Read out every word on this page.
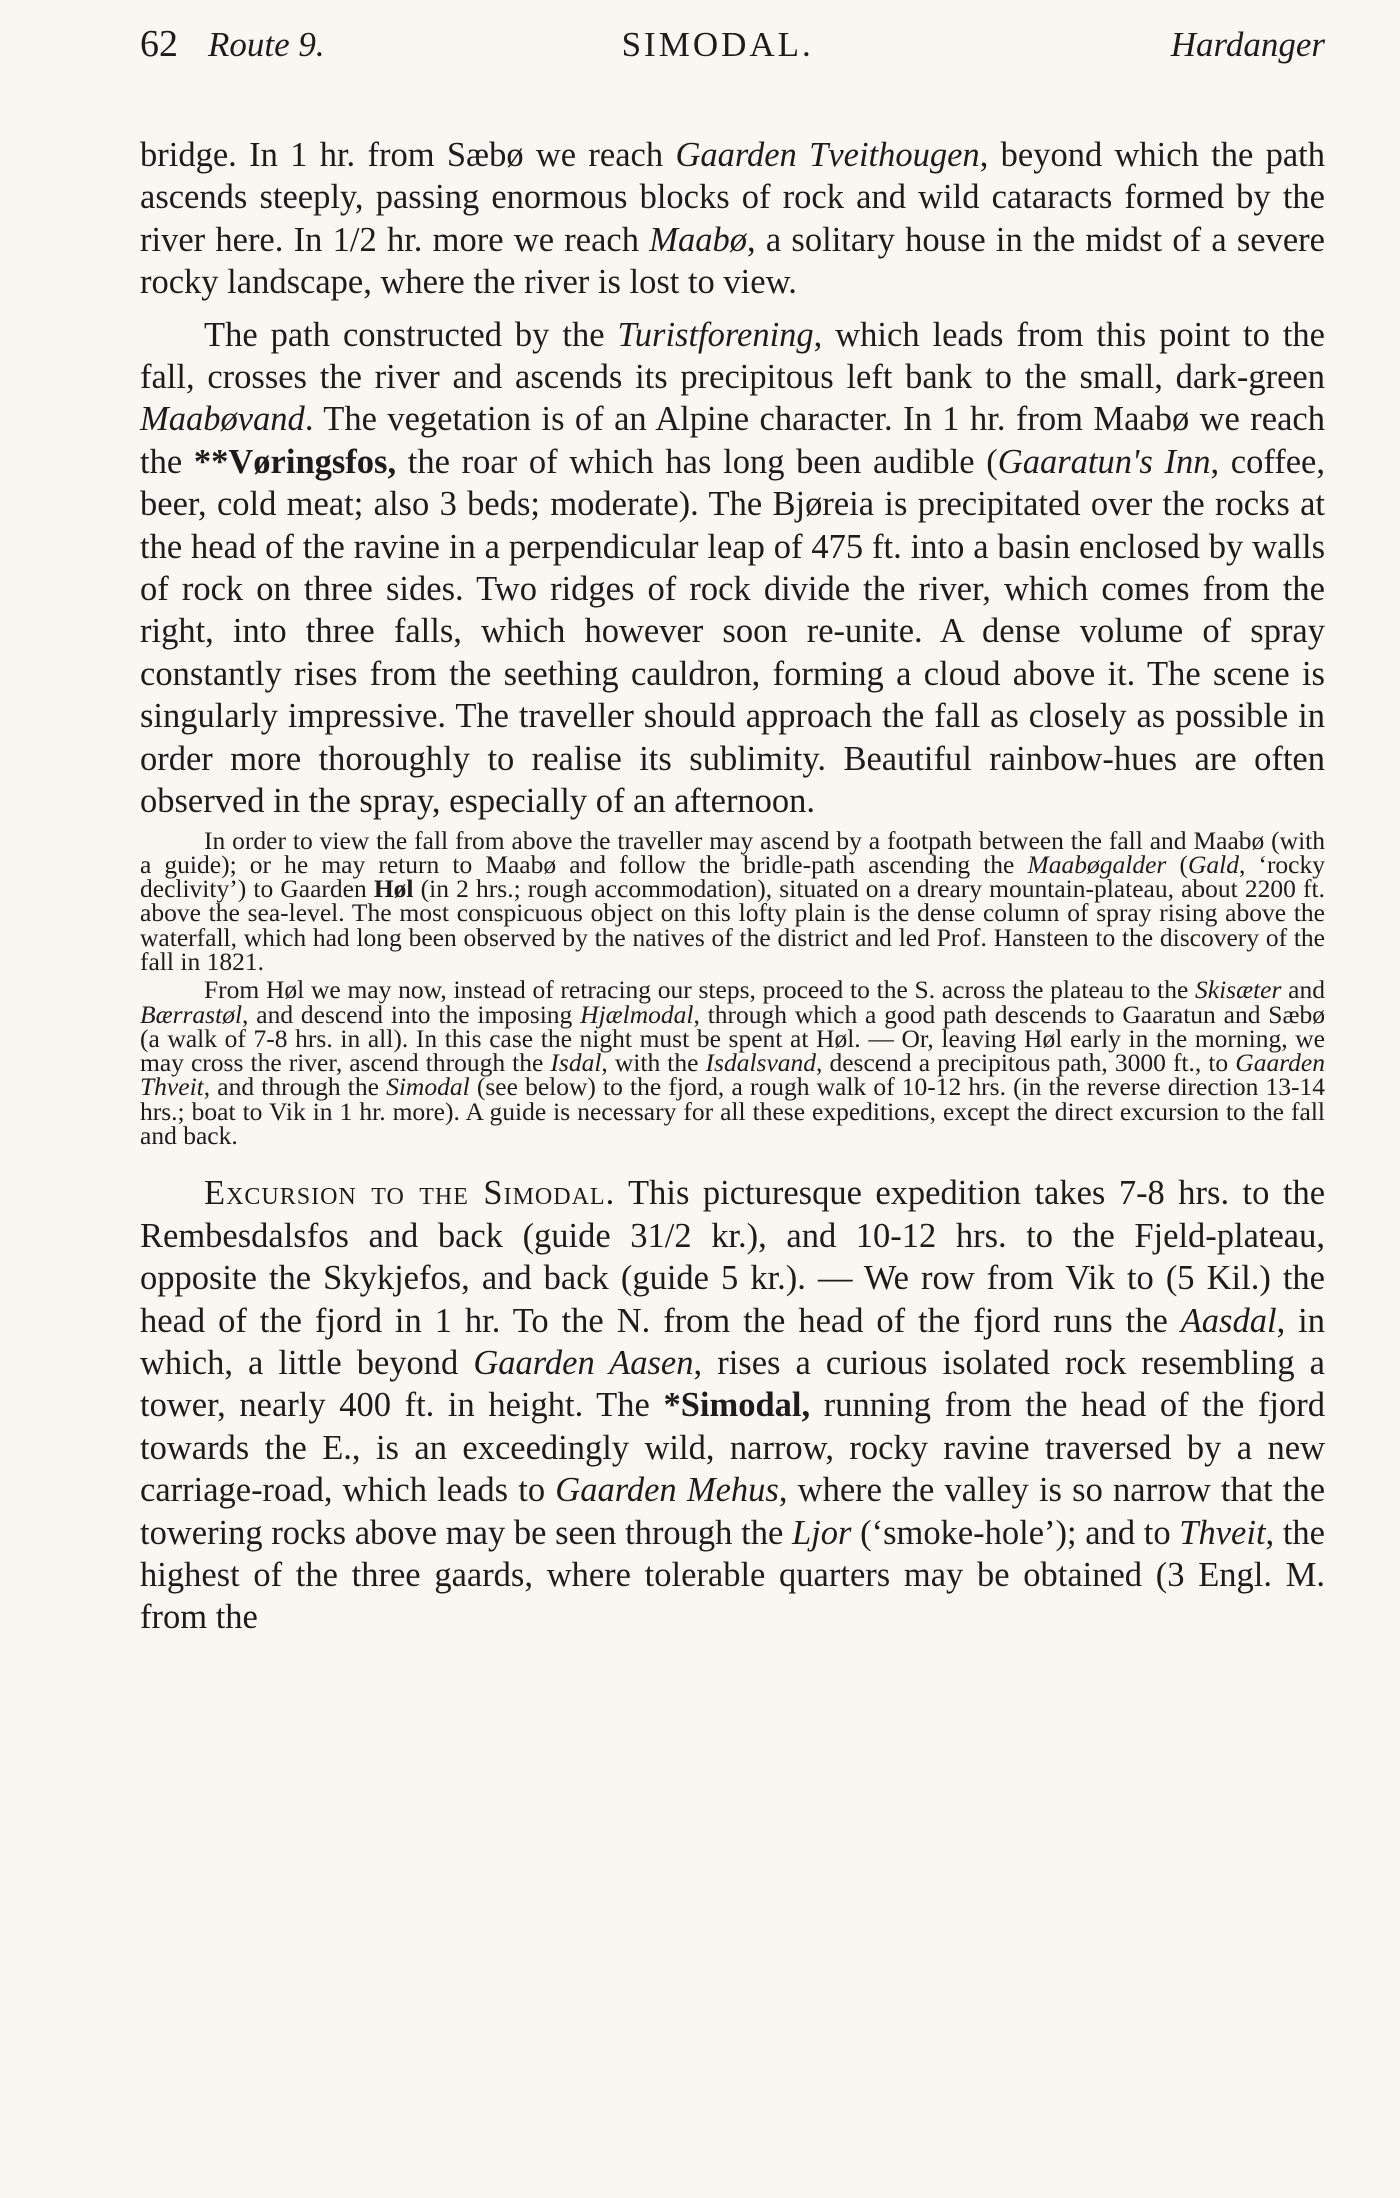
62 Route 9.	SIMODAL.	Hardanger

bridge. In 1 hr. from Sæbø we reach Gaarden Tveithougen, beyond which the path ascends steeply, passing enormous blocks of rock and wild cataracts formed by the river here. In 1/2 hr. more we reach Maabø, a solitary house in the midst of a severe rocky landscape, where the river is lost to view.

The path constructed by the Turistforening, which leads from this point to the fall, crosses the river and ascends its precipitous left bank to the small, dark-green Maabøvand. The vegetation is of an Alpine character. In 1 hr. from Maabø we reach the **Vøringsfos, the roar of which has long been audible (Gaaratun's Inn, coffee, beer, cold meat; also 3 beds; moderate). The Bjøreia is precipitated over the rocks at the head of the ravine in a perpendicular leap of 475 ft. into a basin enclosed by walls of rock on three sides. Two ridges of rock divide the river, which comes from the right, into three falls, which however soon re-unite. A dense volume of spray constantly rises from the seething cauldron, forming a cloud above it. The scene is singularly impressive. The traveller should approach the fall as closely as possible in order more thoroughly to realise its sublimity. Beautiful rainbow-hues are often observed in the spray, especially of an afternoon.

In order to view the fall from above the traveller may ascend by a footpath between the fall and Maabø (with a guide); or he may return to Maabø and follow the bridle-path ascending the Maabøgalder (Gald, ‘rocky declivity’) to Gaarden Høl (in 2 hrs.; rough accommodation), situated on a dreary mountain-plateau, about 2200 ft. above the sea-level. The most conspicuous object on this lofty plain is the dense column of spray rising above the waterfall, which had long been observed by the natives of the district and led Prof. Hansteen to the discovery of the fall in 1821.

From Høl we may now, instead of retracing our steps, proceed to the S. across the plateau to the Skisæter and Bærrastøl, and descend into the imposing Hjælmodal, through which a good path descends to Gaaratun and Sæbø (a walk of 7-8 hrs. in all). In this case the night must be spent at Høl. — Or, leaving Høl early in the morning, we may cross the river, ascend through the Isdal, with the Isdalsvand, descend a precipitous path, 3000 ft., to Gaarden Thveit, and through the Simodal (see below) to the fjord, a rough walk of 10-12 hrs. (in the reverse direction 13-14 hrs.; boat to Vik in 1 hr. more). A guide is necessary for all these expeditions, except the direct excursion to the fall and back.

Excursion to the Simodal. This picturesque expedition takes 7-8 hrs. to the Rembesdalsfos and back (guide 31/2 kr.), and 10-12 hrs. to the Fjeld-plateau, opposite the Skykjefos, and back (guide 5 kr.). — We row from Vik to (5 Kil.) the head of the fjord in 1 hr. To the N. from the head of the fjord runs the Aasdal, in which, a little beyond Gaarden Aasen, rises a curious isolated rock resembling a tower, nearly 400 ft. in height. The *Simodal, running from the head of the fjord towards the E., is an exceedingly wild, narrow, rocky ravine traversed by a new carriage-road, which leads to Gaarden Mehus, where the valley is so narrow that the towering rocks above may be seen through the Ljor (‘smoke-hole’); and to Thveit, the highest of the three gaards, where tolerable quarters may be obtained (3 Engl. M. from the
